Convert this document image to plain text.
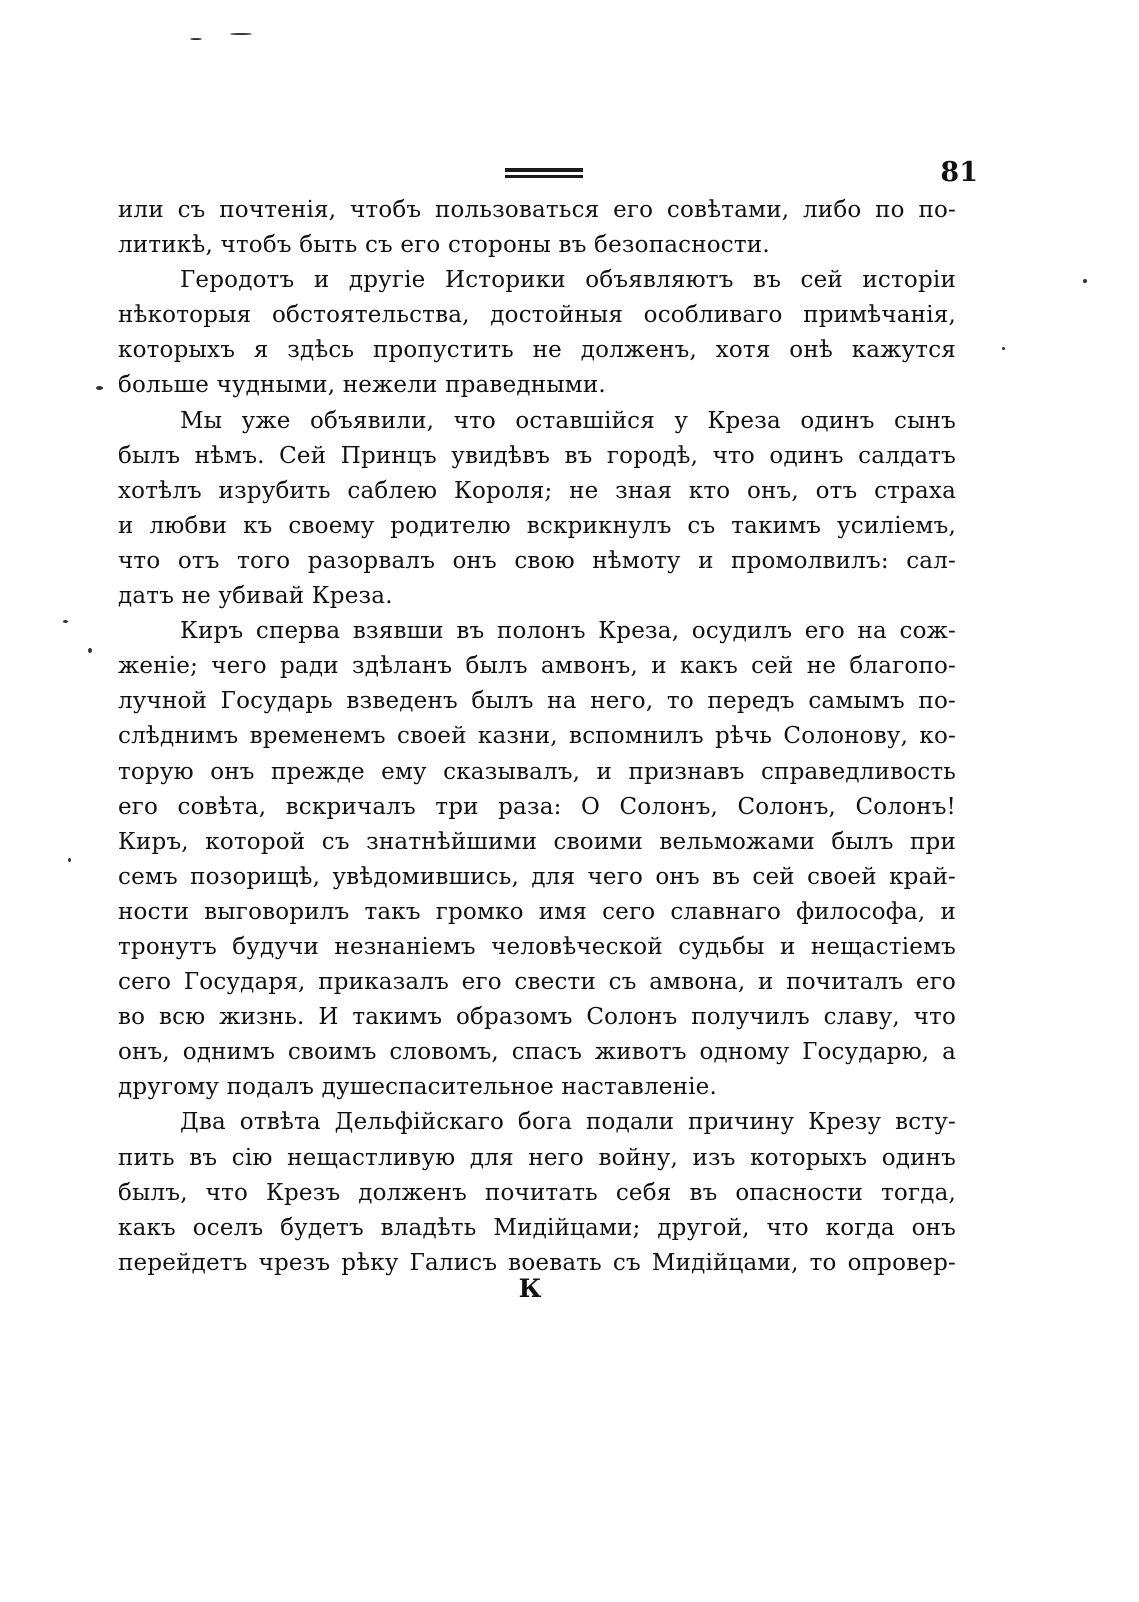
81
или съ почтенія, чтобъ пользоваться его совѣтами, либо по по-
литикѣ, чтобъ быть съ его стороны въ безопасности.
Геродотъ и другіе Историки объявляютъ въ сей исторіи
нѣкоторыя обстоятельства, достойныя особливаго примѣчанія,
которыхъ я здѣсь пропустить не долженъ, хотя онѣ кажутся
больше чудными, нежели праведными.
Мы уже объявили, что оставшійся у Креза одинъ сынъ
былъ нѣмъ. Сей Принцъ увидѣвъ въ городѣ, что одинъ салдатъ
хотѣлъ изрубить саблею Короля; не зная кто онъ, отъ страха
и любви къ своему родителю вскрикнулъ съ такимъ усиліемъ,
что отъ того разорвалъ онъ свою нѣмоту и промолвилъ: сал-
датъ не убивай Креза.
Киръ сперва взявши въ полонъ Креза, осудилъ его на сож-
женіе; чего ради здѣланъ былъ амвонъ, и какъ сей не благопо-
лучной Государь взведенъ былъ на него, то передъ самымъ по-
слѣднимъ временемъ своей казни, вспомнилъ рѣчь Солонову, ко-
торую онъ прежде ему сказывалъ, и признавъ справедливость
его совѣта, вскричалъ три раза: О Солонъ, Солонъ, Солонъ!
Киръ, которой съ знатнѣйшими своими вельможами былъ при
семъ позорищѣ, увѣдомившись, для чего онъ въ сей своей край-
ности выговорилъ такъ громко имя сего славнаго философа, и
тронутъ будучи незнаніемъ человѣческой судьбы и нещастіемъ
сего Государя, приказалъ его свести съ амвона, и почиталъ его
во всю жизнь. И такимъ образомъ Солонъ получилъ славу, что
онъ, однимъ своимъ словомъ, спасъ животъ одному Государю, а
другому подалъ душеспасительное наставленіе.
Два отвѣта Дельфійскаго бога подали причину Крезу всту-
пить въ сію нещастливую для него войну, изъ которыхъ одинъ
былъ, что Крезъ долженъ почитать себя въ опасности тогда,
какъ оселъ будетъ владѣть Мидійцами; другой, что когда онъ
перейдетъ чрезъ рѣку Галисъ воевать съ Мидійцами, то опровер-
К
